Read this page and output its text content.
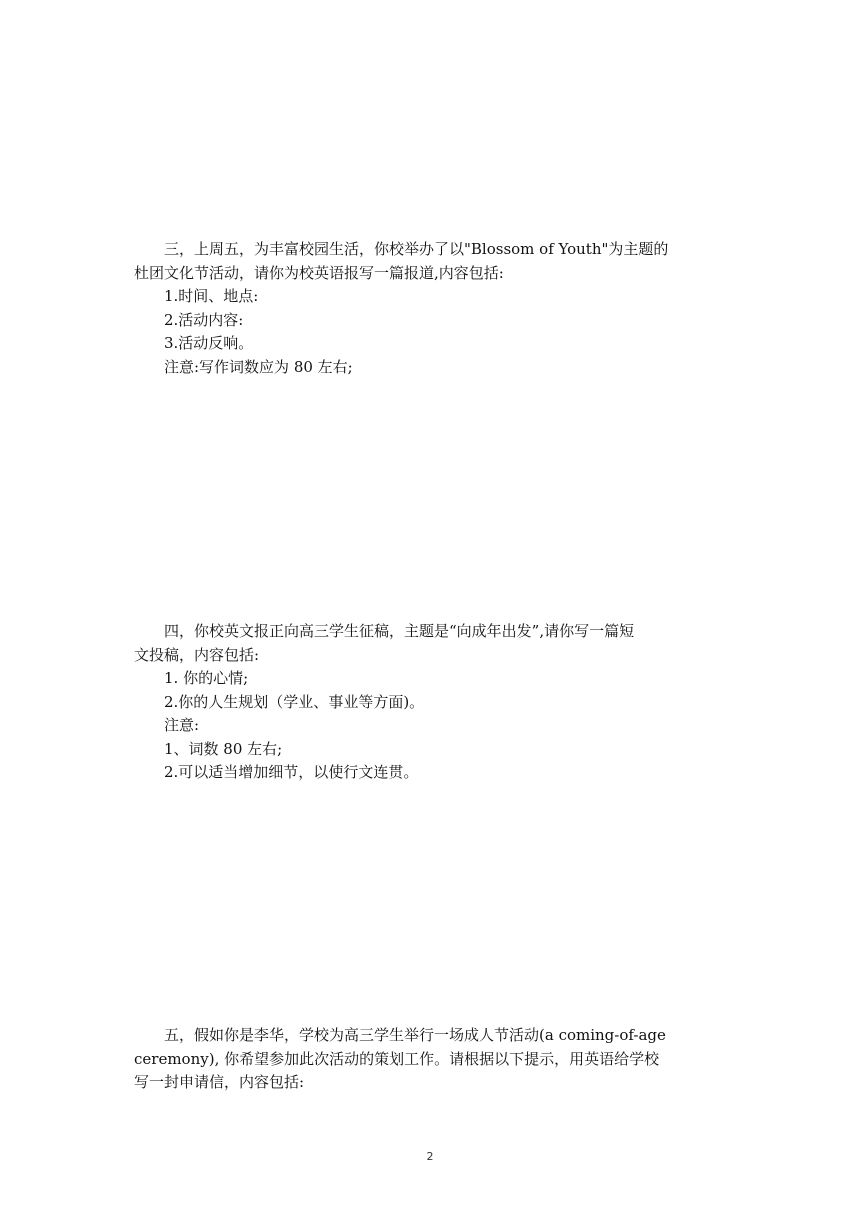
三，上周五，为丰富校园生活，你校举办了以"Blossom of Youth"为主题的

杜团文化节活动，请你为校英语报写一篇报道,内容包括:

1.时间、地点:

2.活动内容:

3.活动反响。

注意:写作词数应为 80 左右;

四，你校英文报正向高三学生征稿，主题是“向成年出发”,请你写一篇短

文投稿，内容包括:

1. 你的心情;

2.你的人生规划（学业、事业等方面)。

注意:

1、词数 80 左右;

2.可以适当增加细节，以使行文连贯。

五，假如你是李华，学校为高三学生举行一场成人节活动(a coming-of-age

ceremony), 你希望参加此次活动的策划工作。请根据以下提示，用英语给学校

写一封申请信，内容包括:

2
